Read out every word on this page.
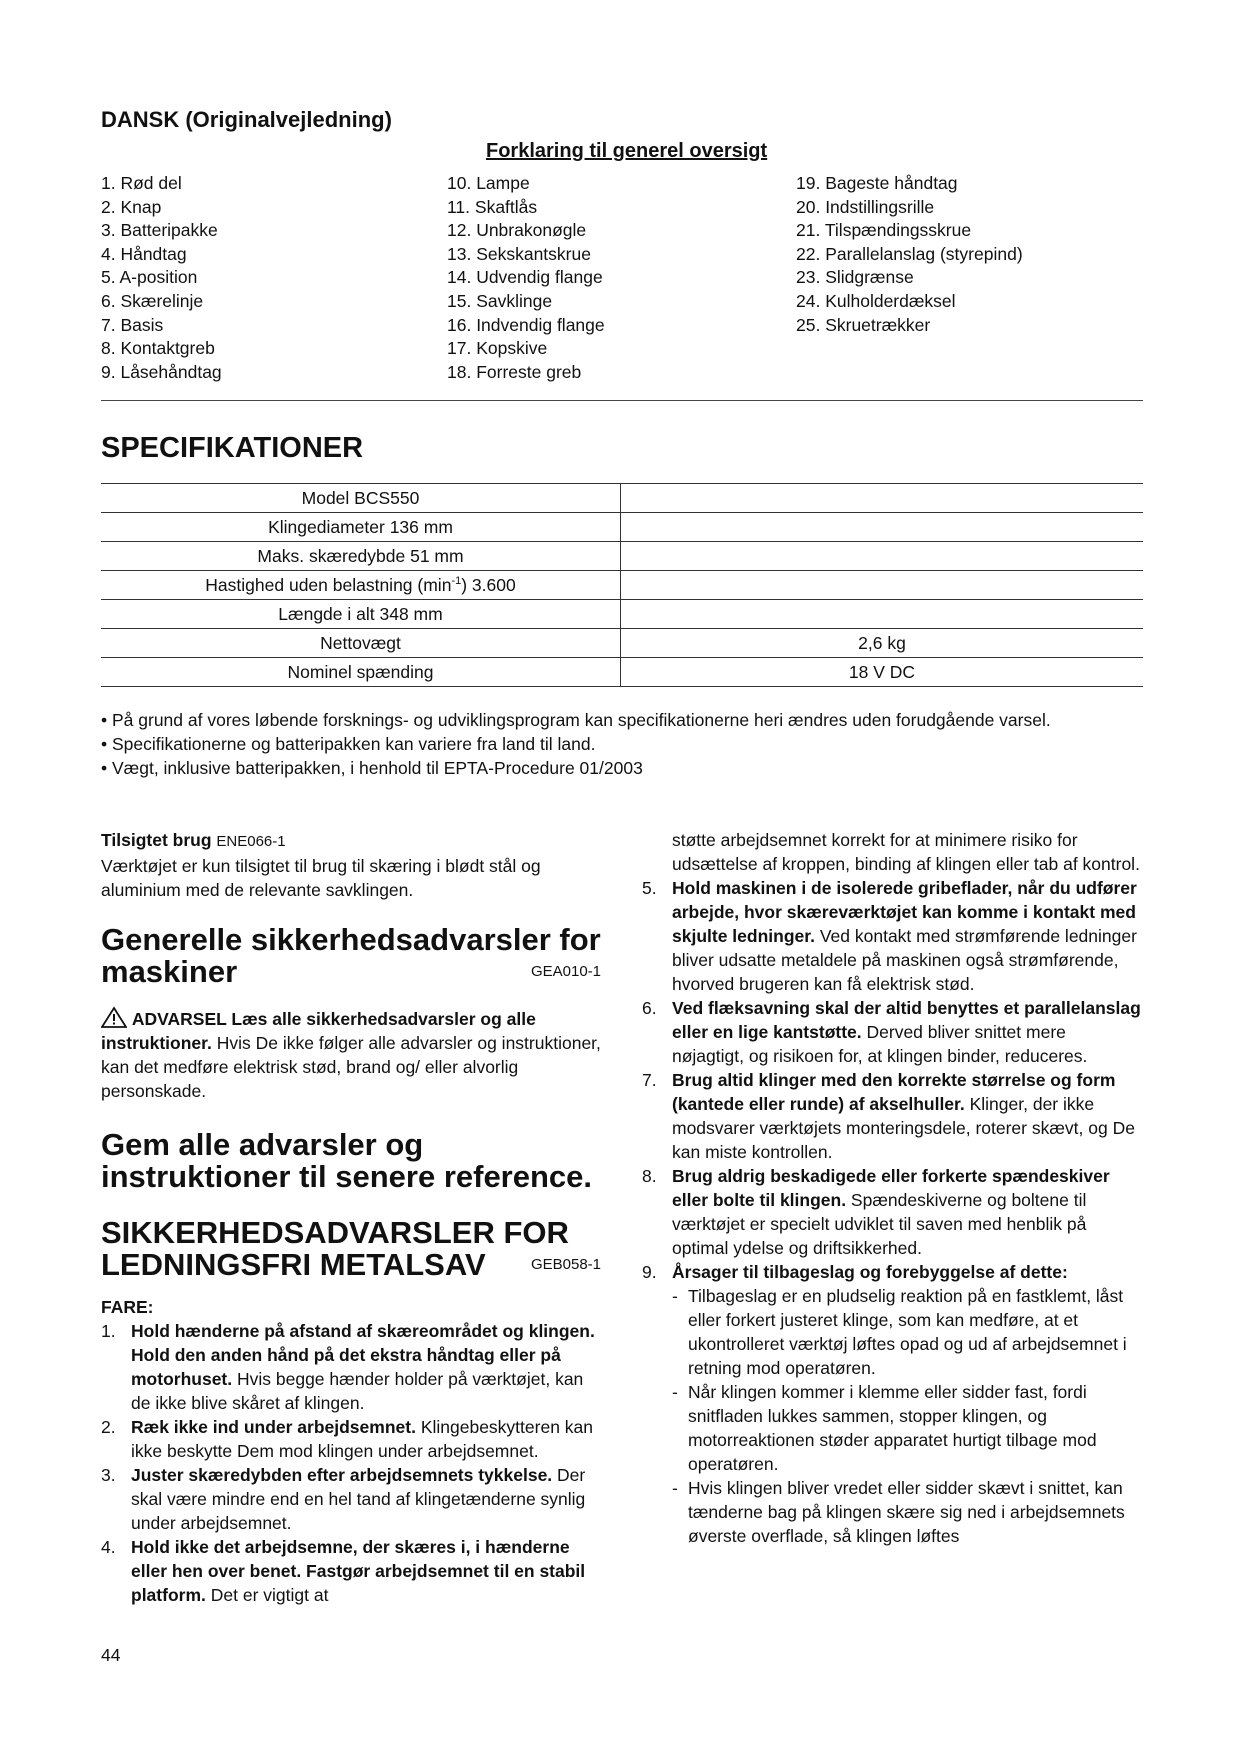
DANSK (Originalvejledning)
Forklaring til generel oversigt
1. Rød del
2. Knap
3. Batteripakke
4. Håndtag
5. A-position
6. Skærelinje
7. Basis
8. Kontaktgreb
9. Låsehåndtag
10. Lampe
11. Skaftlås
12. Unbrakonøgle
13. Sekskantskrue
14. Udvendig flange
15. Savklinge
16. Indvendig flange
17. Kopskive
18. Forreste greb
19. Bageste håndtag
20. Indstillingsrille
21. Tilspændingsskrue
22. Parallelanslag (styrepind)
23. Slidgrænse
24. Kulholderdæksel
25. Skruetrækker
SPECIFIKATIONER
Model BCS550	
Klingediameter 136 mm	
Maks. skæredybde 51 mm	
Hastighed uden belastning $(\min^{-1})$ 3.600	
Længde i alt 348 mm	
Nettovægt	2,6 kg
Nominel spænding	18 V DC
• På grund af vores løbende forsknings- og udviklingsprogram kan specifikationerne heri ændres uden forudgående varsel.
• Specifikationerne og batteripakken kan variere fra land til land.
• Vægt, inklusive batteripakken, i henhold til EPTA-Procedure 01/2003
Tilsigtet brug ENE066-1
Værktøjet er kun tilsigtet til brug til skæring i blødt stål og aluminium med de relevante savklingen.
Generelle sikkerhedsadvarsler for
maskiner	GEA010-1
ADVARSEL Læs alle sikkerhedsadvarsler og alle instruktioner. Hvis De ikke følger alle advarsler og instruktioner, kan det medføre elektrisk stød, brand og/ eller alvorlig personskade.
Gem alle advarsler og instruktioner til senere reference.
SIKKERHEDSADVARSLER FOR
LEDNINGSFRI METALSAV	GEB058-1
FARE:
1. Hold hænderne på afstand af skæreområdet og klingen. Hold den anden hånd på det ekstra håndtag eller på motorhuset. Hvis begge hænder holder på værktøjet, kan de ikke blive skåret af klingen.
2. Ræk ikke ind under arbejdsemnet. Klingebeskytteren kan ikke beskytte Dem mod klingen under arbejdsemnet.
3. Juster skæredybden efter arbejdsemnets tykkelse. Der skal være mindre end en hel tand af klingetænderne synlig under arbejdsemnet.
4. Hold ikke det arbejdsemne, der skæres i, i hænderne eller hen over benet. Fastgør arbejdsemnet til en stabil platform. Det er vigtigt at
44
støtte arbejdsemnet korrekt for at minimere risiko for udsættelse af kroppen, binding af klingen eller tab af kontrol.
5. Hold maskinen i de isolerede gribeflader, når du udfører arbejde, hvor skæreværktøjet kan komme i kontakt med skjulte ledninger. Ved kontakt med strømførende ledninger bliver udsatte metaldele på maskinen også strømførende, hvorved brugeren kan få elektrisk stød.
6. Ved flæksavning skal der altid benyttes et parallelanslag eller en lige kantstøtte. Derved bliver snittet mere nøjagtigt, og risikoen for, at klingen binder, reduceres.
7. Brug altid klinger med den korrekte størrelse og form (kantede eller runde) af akselhuller. Klinger, der ikke modsvarer værktøjets monteringsdele, roterer skævt, og De kan miste kontrollen.
8. Brug aldrig beskadigede eller forkerte spændeskiver eller bolte til klingen. Spændeskiverne og boltene til værktøjet er specielt udviklet til saven med henblik på optimal ydelse og driftsikkerhed.
9. Årsager til tilbageslag og forebyggelse af dette:
- Tilbageslag er en pludselig reaktion på en fastklemt, låst eller forkert justeret klinge, som kan medføre, at et ukontrolleret værktøj løftes opad og ud af arbejdsemnet i retning mod operatøren.
- Når klingen kommer i klemme eller sidder fast, fordi snitfladen lukkes sammen, stopper klingen, og motorreaktionen støder apparatet hurtigt tilbage mod operatøren.
- Hvis klingen bliver vredet eller sidder skævt i snittet, kan tænderne bag på klingen skære sig ned i arbejdsemnets øverste overflade, så klingen løftes
